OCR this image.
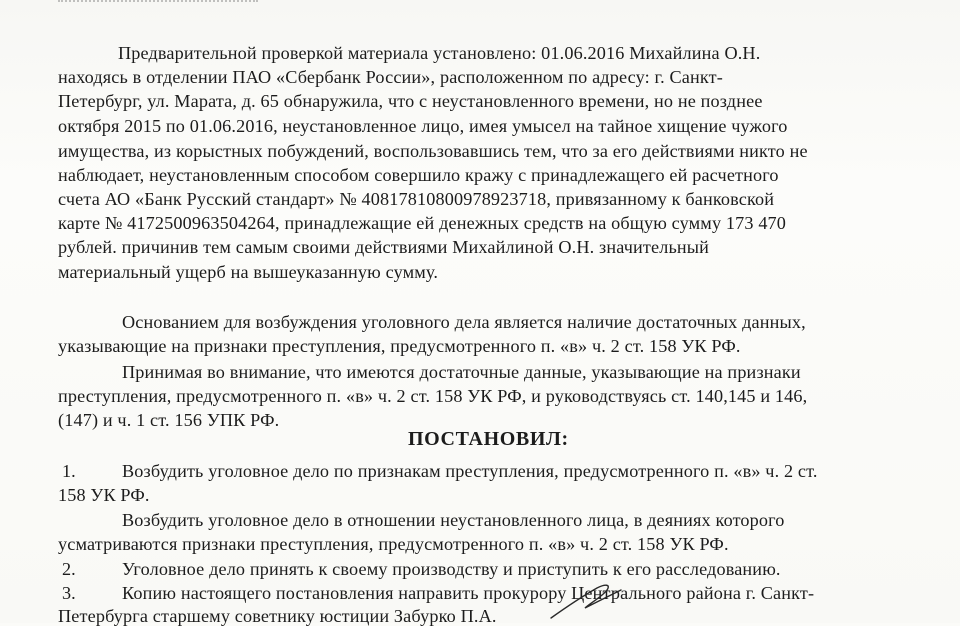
Предварительной проверкой материала установлено: 01.06.2016 Михайлина О.Н.
находясь в отделении ПАО «Сбербанк России», расположенном по адресу: г. Санкт-
Петербург, ул. Марата, д. 65 обнаружила, что с неустановленного времени, но не позднее
октября 2015 по 01.06.2016, неустановленное лицо, имея умысел на тайное хищение чужого
имущества, из корыстных побуждений, воспользовавшись тем, что за его действиями никто не
наблюдает, неустановленным способом совершило кражу с принадлежащего ей расчетного
счета АО «Банк Русский стандарт» № 40817810800978923718, привязанному к банковской
карте № 4172500963504264, принадлежащие ей денежных средств на общую сумму 173 470
рублей. причинив тем самым своими действиями Михайлиной О.Н. значительный
материальный ущерб на вышеуказанную сумму.
Основанием для возбуждения уголовного дела является наличие достаточных данных,
указывающие на признаки преступления, предусмотренного п. «в» ч. 2 ст. 158 УК РФ.
Принимая во внимание, что имеются достаточные данные, указывающие на признаки
преступления, предусмотренного п. «в» ч. 2 ст. 158 УК РФ, и руководствуясь ст. 140,145 и 146,
(147) и ч. 1 ст. 156 УПК РФ.
ПОСТАНОВИЛ:
1.	Возбудить уголовное дело по признакам преступления, предусмотренного п. «в» ч. 2 ст.
158 УК РФ.
Возбудить уголовное дело в отношении неустановленного лица, в деяниях которого
усматриваются признаки преступления, предусмотренного п. «в» ч. 2 ст. 158 УК РФ.
2.	Уголовное дело принять к своему производству и приступить к его расследованию.
3.	Копию настоящего постановления направить прокурору Центрального района г. Санкт-
Петербурга старшему советнику юстиции Забурко П.А.
